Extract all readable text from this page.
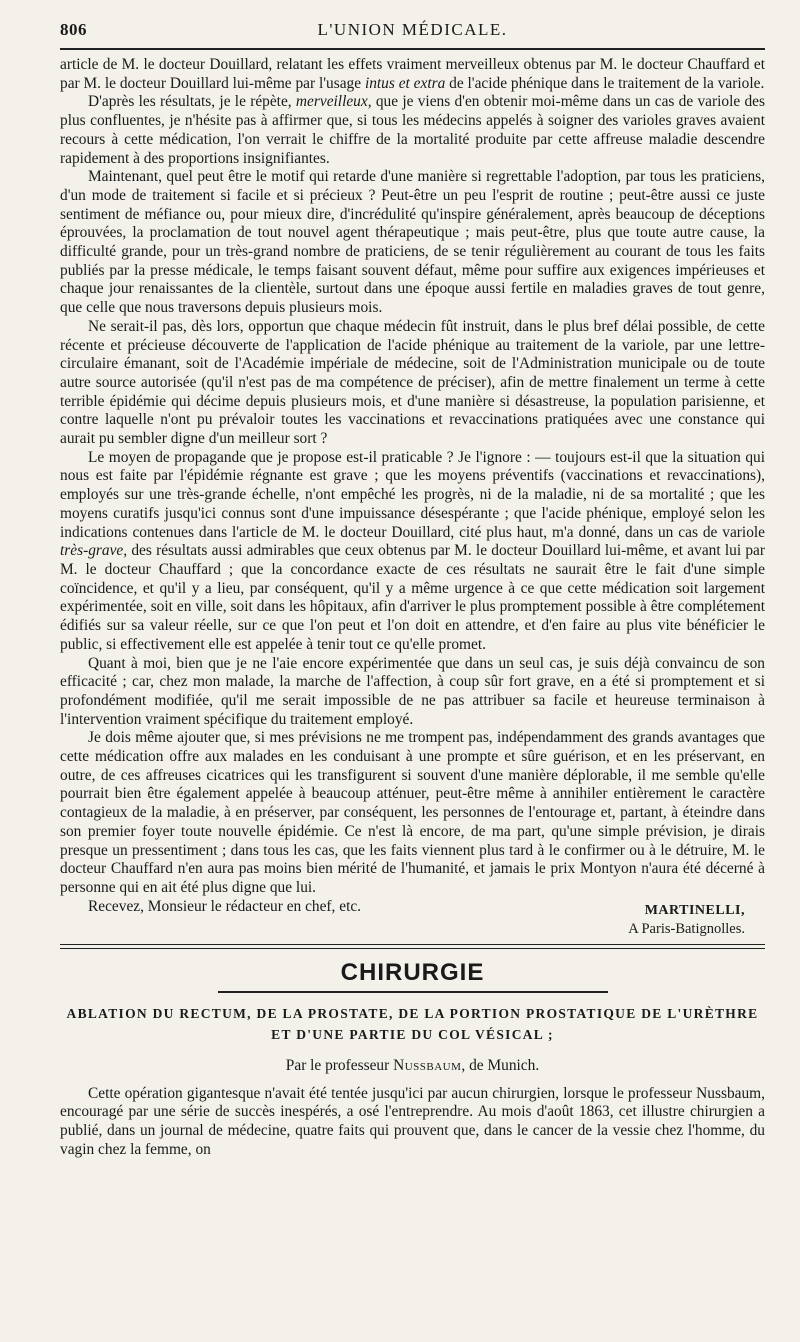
806	L'UNION MÉDICALE.

article de M. le docteur Douillard, relatant les effets vraiment merveilleux obtenus par M. le docteur Chauffard et par M. le docteur Douillard lui-même par l'usage intus et extra de l'acide phénique dans le traitement de la variole.

D'après les résultats, je le répète, merveilleux, que je viens d'en obtenir moi-même dans un cas de variole des plus confluentes, je n'hésite pas à affirmer que, si tous les médecins appelés à soigner des varioles graves avaient recours à cette médication, l'on verrait le chiffre de la mortalité produite par cette affreuse maladie descendre rapidement à des proportions insignifiantes.

Maintenant, quel peut être le motif qui retarde d'une manière si regrettable l'adoption, par tous les praticiens, d'un mode de traitement si facile et si précieux ? Peut-être un peu l'esprit de routine ; peut-être aussi ce juste sentiment de méfiance ou, pour mieux dire, d'incrédulité qu'inspire généralement, après beaucoup de déceptions éprouvées, la proclamation de tout nouvel agent thérapeutique ; mais peut-être, plus que toute autre cause, la difficulté grande, pour un très-grand nombre de praticiens, de se tenir régulièrement au courant de tous les faits publiés par la presse médicale, le temps faisant souvent défaut, même pour suffire aux exigences impérieuses et chaque jour renaissantes de la clientèle, surtout dans une époque aussi fertile en maladies graves de tout genre, que celle que nous traversons depuis plusieurs mois.

Ne serait-il pas, dès lors, opportun que chaque médecin fût instruit, dans le plus bref délai possible, de cette récente et précieuse découverte de l'application de l'acide phénique au traitement de la variole, par une lettre-circulaire émanant, soit de l'Académie impériale de médecine, soit de l'Administration municipale ou de toute autre source autorisée (qu'il n'est pas de ma compétence de préciser), afin de mettre finalement un terme à cette terrible épidémie qui décime depuis plusieurs mois, et d'une manière si désastreuse, la population parisienne, et contre laquelle n'ont pu prévaloir toutes les vaccinations et revaccinations pratiquées avec une constance qui aurait pu sembler digne d'un meilleur sort ?

Le moyen de propagande que je propose est-il praticable ? Je l'ignore : — toujours est-il que la situation qui nous est faite par l'épidémie régnante est grave ; que les moyens préventifs (vaccinations et revaccinations), employés sur une très-grande échelle, n'ont empêché les progrès, ni de la maladie, ni de sa mortalité ; que les moyens curatifs jusqu'ici connus sont d'une impuissance désespérante ; que l'acide phénique, employé selon les indications contenues dans l'article de M. le docteur Douillard, cité plus haut, m'a donné, dans un cas de variole très-grave, des résultats aussi admirables que ceux obtenus par M. le docteur Douillard lui-même, et avant lui par M. le docteur Chauffard ; que la concordance exacte de ces résultats ne saurait être le fait d'une simple coïncidence, et qu'il y a lieu, par conséquent, qu'il y a même urgence à ce que cette médication soit largement expérimentée, soit en ville, soit dans les hôpitaux, afin d'arriver le plus promptement possible à être complétement édifiés sur sa valeur réelle, sur ce que l'on peut et l'on doit en attendre, et d'en faire au plus vite bénéficier le public, si effectivement elle est appelée à tenir tout ce qu'elle promet.

Quant à moi, bien que je ne l'aie encore expérimentée que dans un seul cas, je suis déjà convaincu de son efficacité ; car, chez mon malade, la marche de l'affection, à coup sûr fort grave, en a été si promptement et si profondément modifiée, qu'il me serait impossible de ne pas attribuer sa facile et heureuse terminaison à l'intervention vraiment spécifique du traitement employé.

Je dois même ajouter que, si mes prévisions ne me trompent pas, indépendamment des grands avantages que cette médication offre aux malades en les conduisant à une prompte et sûre guérison, et en les préservant, en outre, de ces affreuses cicatrices qui les transfigurent si souvent d'une manière déplorable, il me semble qu'elle pourrait bien être également appelée à beaucoup atténuer, peut-être même à annihiler entièrement le caractère contagieux de la maladie, à en préserver, par conséquent, les personnes de l'entourage et, partant, à éteindre dans son premier foyer toute nouvelle épidémie. Ce n'est là encore, de ma part, qu'une simple prévision, je dirais presque un pressentiment ; dans tous les cas, que les faits viennent plus tard à le confirmer ou à le détruire, M. le docteur Chauffard n'en aura pas moins bien mérité de l'humanité, et jamais le prix Montyon n'aura été décerné à personne qui en ait été plus digne que lui.

Recevez, Monsieur le rédacteur en chef, etc.	MARTINELLI,
A Paris-Batignolles.
CHIRURGIE
ABLATION DU RECTUM, DE LA PROSTATE, DE LA PORTION PROSTATIQUE DE L'URÈTHRE
ET D'UNE PARTIE DU COL VÉSICAL ;
Par le professeur Nussbaum, de Munich.

Cette opération gigantesque n'avait été tentée jusqu'ici par aucun chirurgien, lorsque le professeur Nussbaum, encouragé par une série de succès inespérés, a osé l'entreprendre. Au mois d'août 1863, cet illustre chirurgien a publié, dans un journal de médecine, quatre faits qui prouvent que, dans le cancer de la vessie chez l'homme, du vagin chez la femme, on
